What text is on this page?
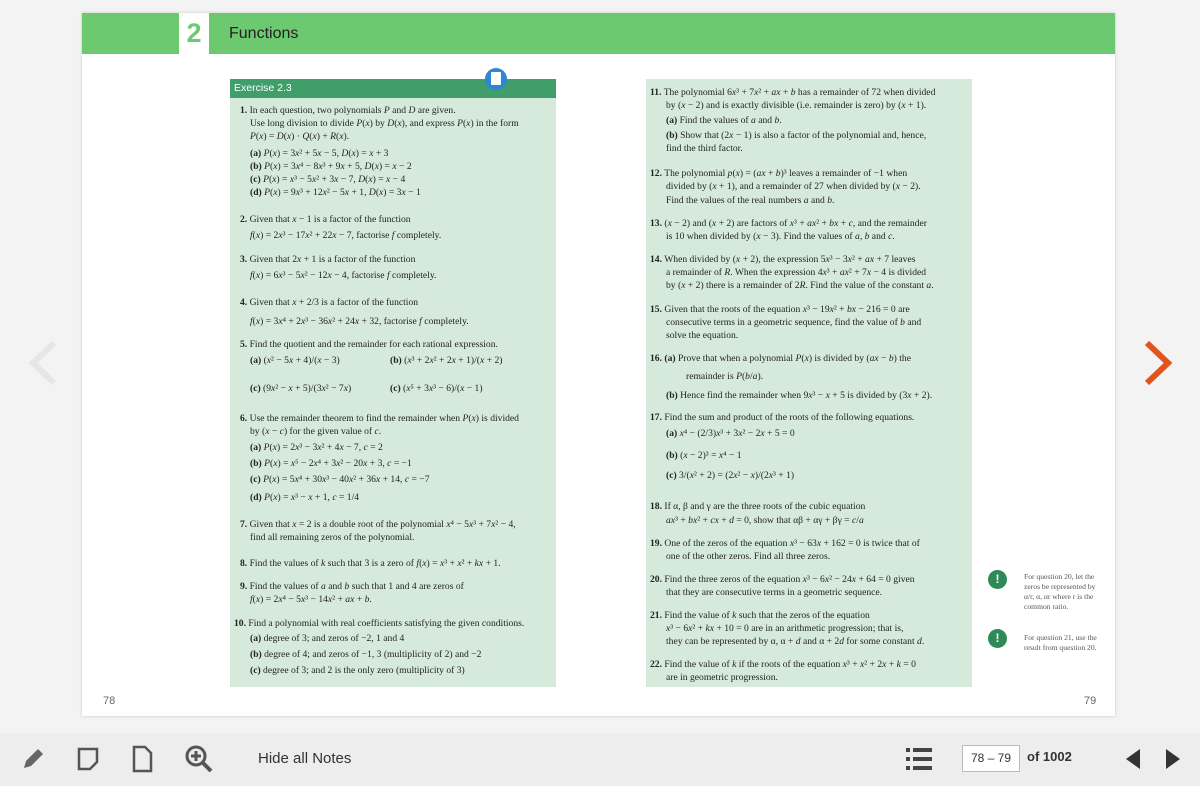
2	Functions
Exercise 2.3
1. In each question, two polynomials P and D are given.
Use long division to divide P(x) by D(x), and express P(x) in the form
P(x) = D(x) · Q(x) + R(x).
(a) P(x) = 3x² + 5x − 5, D(x) = x + 3
(b) P(x) = 3x⁴ − 8x³ + 9x + 5, D(x) = x − 2
(c) P(x) = x³ − 5x² + 3x − 7, D(x) = x − 4
(d) P(x) = 9x³ + 12x² − 5x + 1, D(x) = 3x − 1
2. Given that x − 1 is a factor of the function
f(x) = 2x³ − 17x² + 22x − 7, factorise f completely.
3. Given that 2x + 1 is a factor of the function
f(x) = 6x³ − 5x² − 12x − 4, factorise f completely.
4. Given that x + 2/3 is a factor of the function
f(x) = 3x⁴ + 2x³ − 36x² + 24x + 32, factorise f completely.
5. Find the quotient and the remainder for each rational expression.
(a) (x² − 5x + 4)/(x − 3)	(b) (x³ + 2x² + 2x + 1)/(x + 2)
(c) (9x² − x + 5)/(3x² − 7x)	(c) (x⁵ + 3x³ − 6)/(x − 1)
6. Use the remainder theorem to find the remainder when P(x) is divided
by (x − c) for the given value of c.
(a) P(x) = 2x³ − 3x² + 4x − 7, c = 2
(b) P(x) = x⁵ − 2x⁴ + 3x² − 20x + 3, c = −1
(c) P(x) = 5x⁴ + 30x³ − 40x² + 36x + 14, c = −7
(d) P(x) = x³ − x + 1, c = 1/4
7. Given that x = 2 is a double root of the polynomial x⁴ − 5x³ + 7x² − 4,
find all remaining zeros of the polynomial.
8. Find the values of k such that 3 is a zero of f(x) = x³ + x² + kx + 1.
9. Find the values of a and b such that 1 and 4 are zeros of
f(x) = 2x⁴ − 5x³ − 14x² + ax + b.
10. Find a polynomial with real coefficients satisfying the given conditions.
(a) degree of 3; and zeros of −2, 1 and 4
(b) degree of 4; and zeros of −1, 3 (multiplicity of 2) and −2
(c) degree of 3; and 2 is the only zero (multiplicity of 3)
11. The polynomial 6x³ + 7x² + ax + b has a remainder of 72 when divided
by (x − 2) and is exactly divisible (i.e. remainder is zero) by (x + 1).
(a) Find the values of a and b.
(b) Show that (2x − 1) is also a factor of the polynomial and, hence,
find the third factor.
12. The polynomial p(x) = (ax + b)³ leaves a remainder of −1 when
divided by (x + 1), and a remainder of 27 when divided by (x − 2).
Find the values of the real numbers a and b.
13. (x − 2) and (x + 2) are factors of x³ + ax² + bx + c, and the remainder
is 10 when divided by (x − 3). Find the values of a, b and c.
14. When divided by (x + 2), the expression 5x³ − 3x² + ax + 7 leaves
a remainder of R. When the expression 4x³ + ax² + 7x − 4 is divided
by (x + 2) there is a remainder of 2R. Find the value of the constant a.
15. Given that the roots of the equation x³ − 19x² + bx − 216 = 0 are
consecutive terms in a geometric sequence, find the value of b and
solve the equation.
16. (a) Prove that when a polynomial P(x) is divided by (ax − b) the
remainder is P(b/a).
(b) Hence find the remainder when 9x³ − x + 5 is divided by (3x + 2).
17. Find the sum and product of the roots of the following equations.
(a) x⁴ − (2/3)x³ + 3x² − 2x + 5 = 0
(b) (x − 2)³ = x⁴ − 1
(c) 3/(x² + 2) = (2x² − x)/(2x³ + 1)
18. If α, β and γ are the three roots of the cubic equation
ax³ + bx² + cx + d = 0, show that αβ + αγ + βγ = c/a
19. One of the zeros of the equation x³ − 63x + 162 = 0 is twice that of
one of the other zeros. Find all three zeros.
20. Find the three zeros of the equation x³ − 6x² − 24x + 64 = 0 given
that they are consecutive terms in a geometric sequence.
21. Find the value of k such that the zeros of the equation
x³ − 6x² + kx + 10 = 0 are in an arithmetic progression; that is,
they can be represented by α, α + d and α + 2d for some constant d.
22. Find the value of k if the roots of the equation x³ + x² + 2x + k = 0
are in geometric progression.
!
!
For question 20, let the
zeros be represented by
α/r, α, αr where r is the
common ratio.
For question 21, use the
result from question 20.
78	79
Hide all Notes	78 – 79	of 1002
